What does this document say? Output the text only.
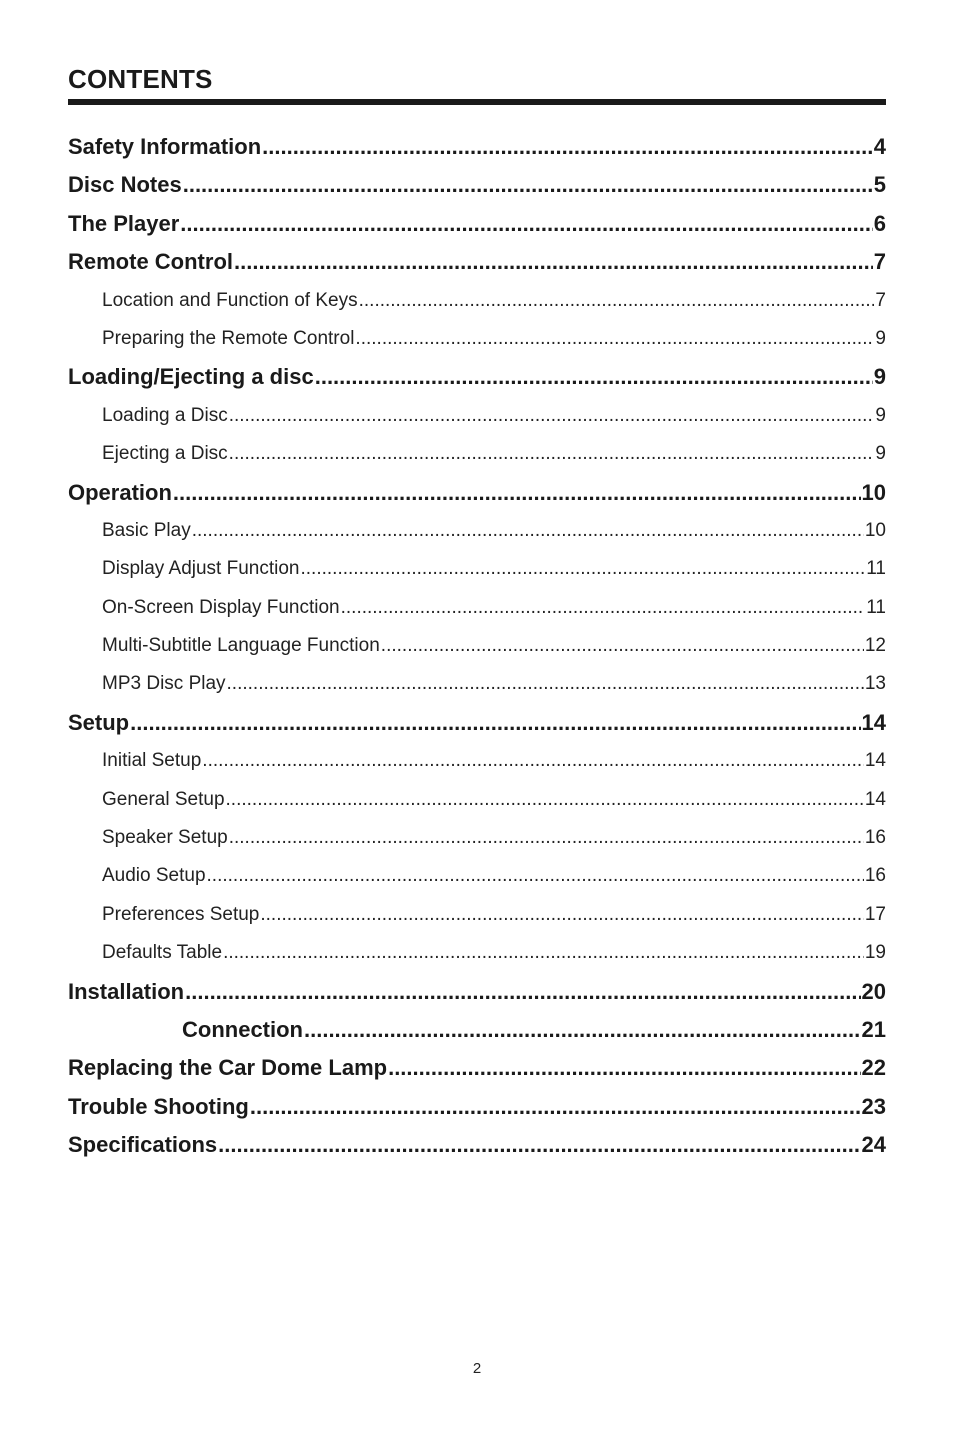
CONTENTS
Safety Information .....	4
Disc Notes .....	5
The Player .....	6
Remote Control .....	7
Location and Function of Keys .....	7
Preparing the Remote Control .....	9
Loading/Ejecting a disc .....	9
Loading a Disc .....	9
Ejecting a Disc .....	9
Operation .....	10
Basic Play .....	10
Display Adjust Function .....	11
On-Screen Display Function .....	11
Multi-Subtitle Language Function .....	12
MP3 Disc Play .....	13
Setup .....	14
Initial Setup .....	14
General Setup .....	14
Speaker Setup .....	16
Audio Setup .....	16
Preferences Setup .....	17
Defaults Table .....	19
Installation .....	20
Connection .....	21
Replacing the Car Dome Lamp .....	22
Trouble Shooting .....	23
Specifications .....	24
2
